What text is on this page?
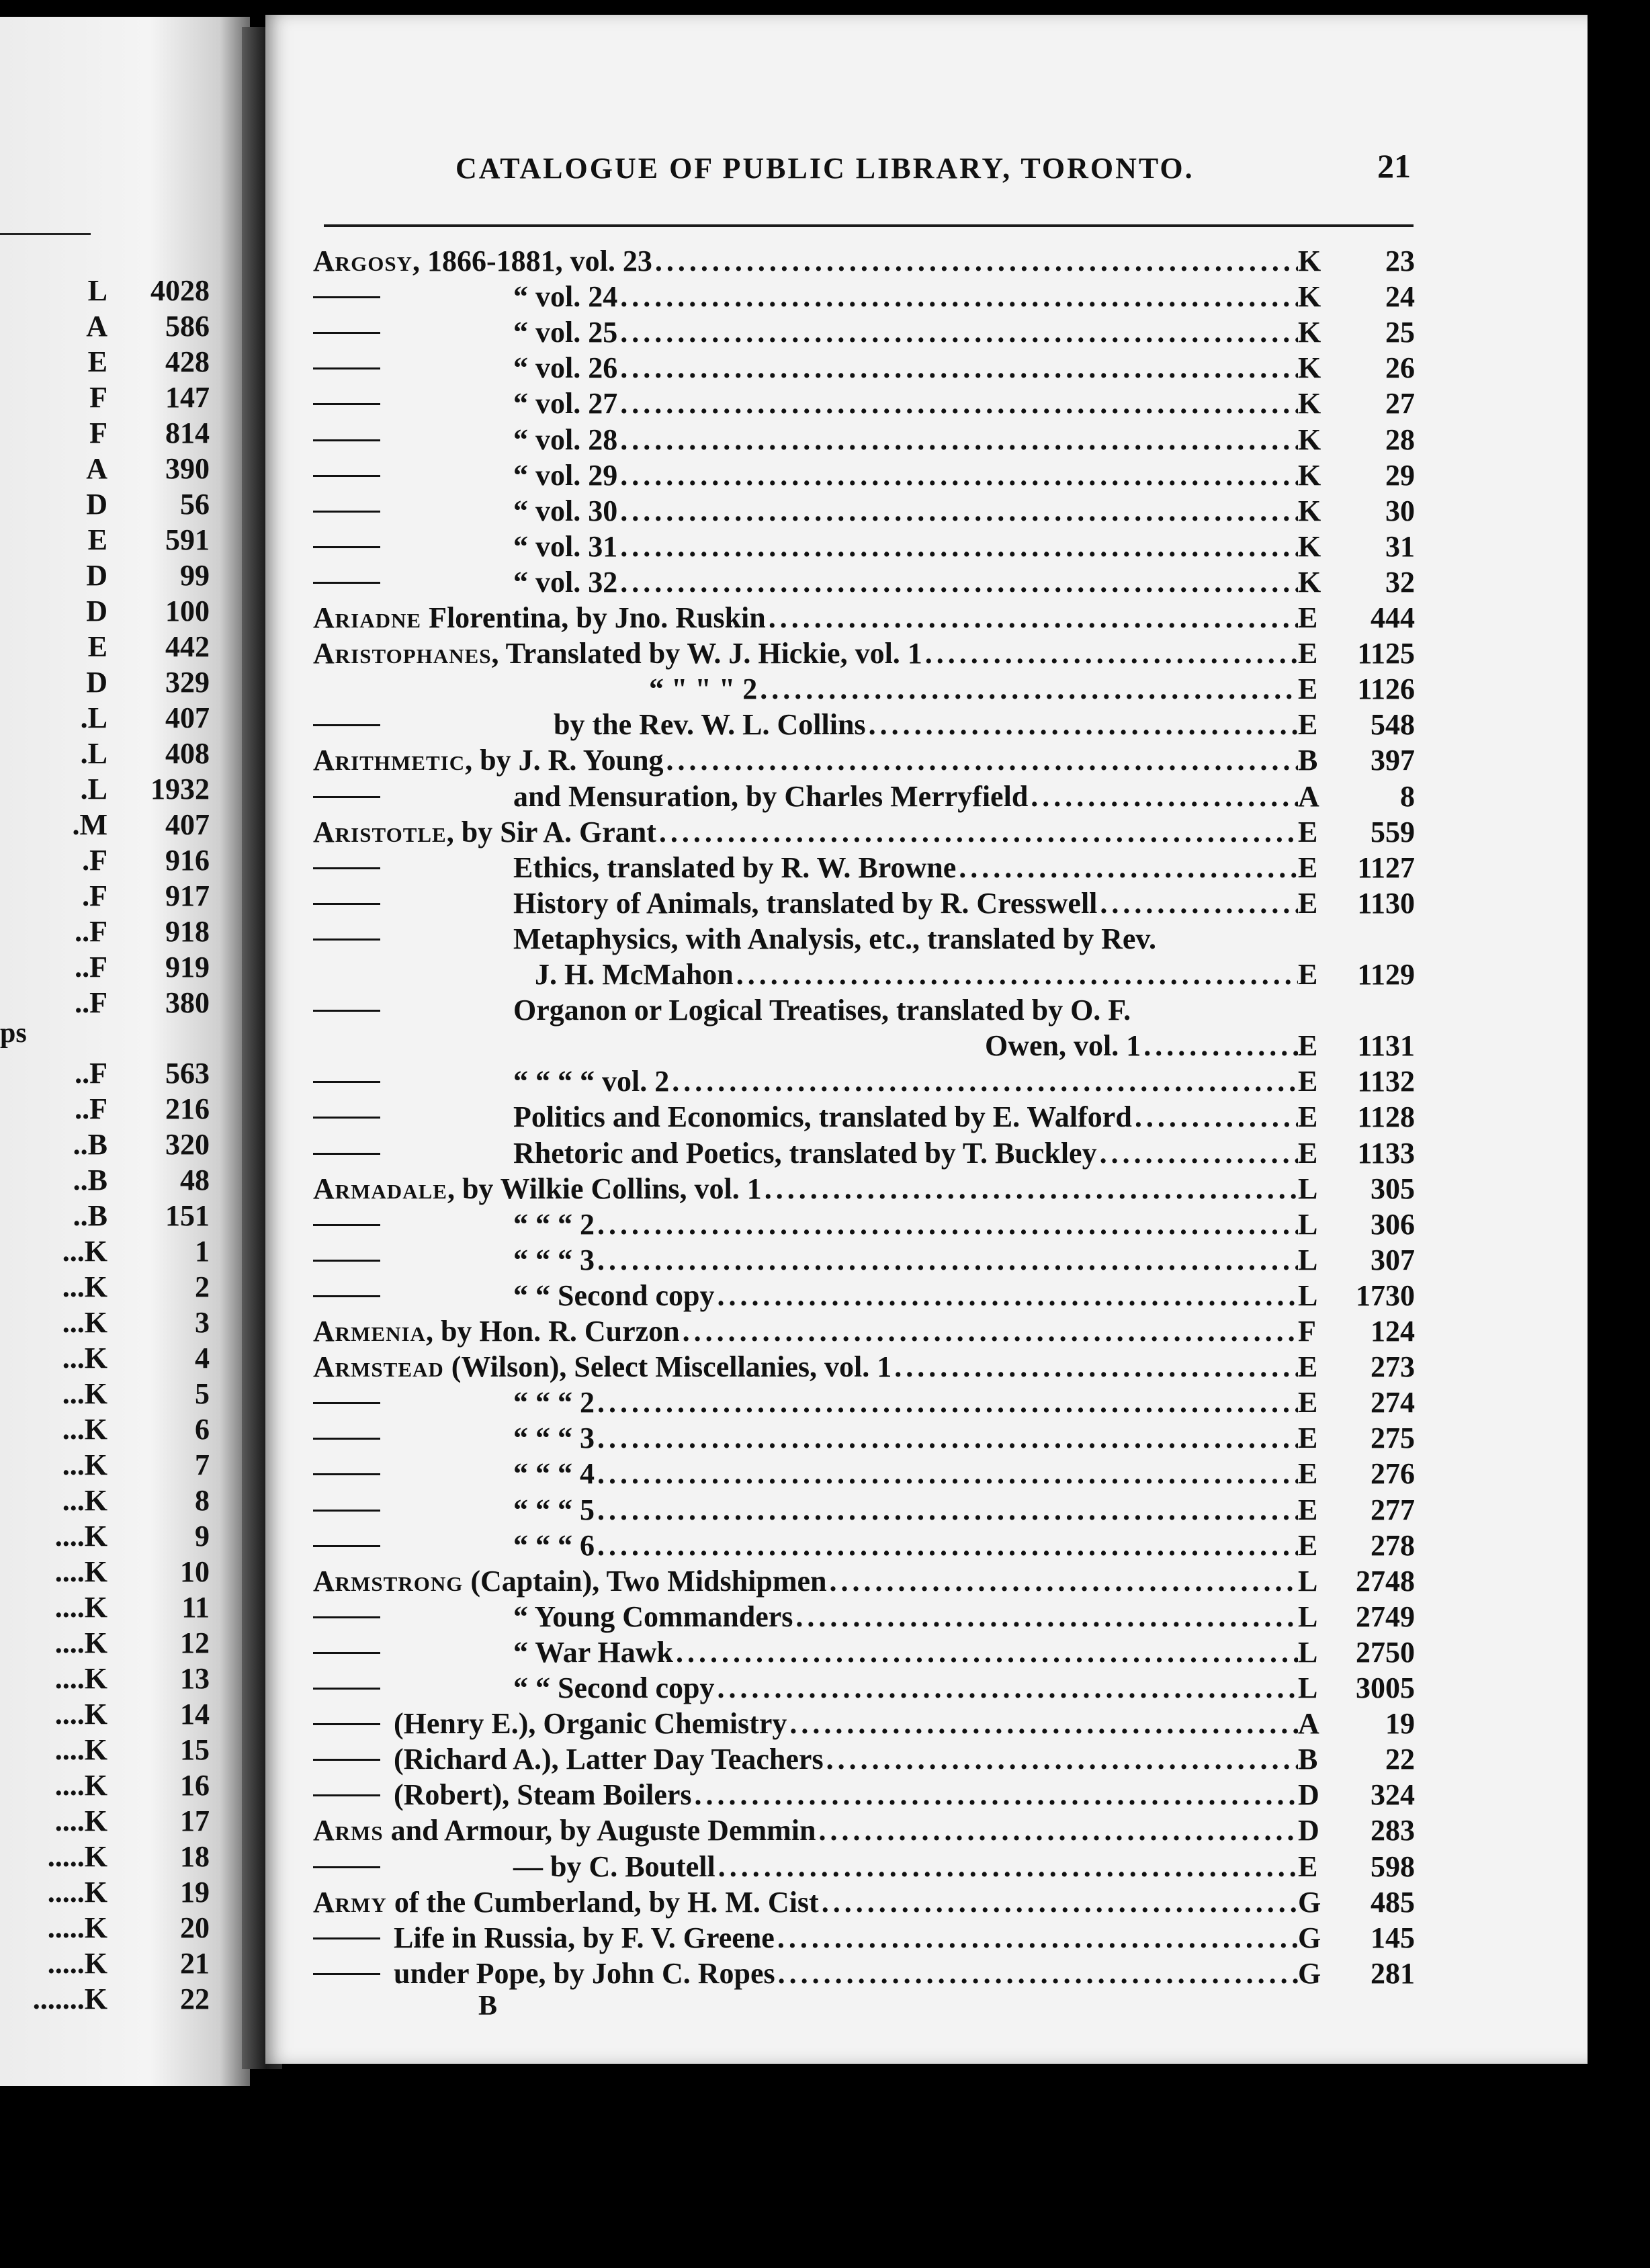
L 4028
A 586
E 428
F 147
F 814
A 390
D 56
E 591
D 99
D 100
E 442
D 329
.L 407
.L 408
.L 1932
.M 407
.F 916
.F 917
..F 918
..F 919
..F 380
..F 563
..F 216
..B 320
..B 48
..B 151
...K	1
...K	2
...K	3
...K	4
...K	5
...K	6
...K	7
...K	8
....K	9
....K 10
....K	11
....K 12
....K 13
....K 14
....K 15
....K 16
....K 17
.....K 18
.....K 19
.....K 20
.....K 21
.......K 22
ps
CATALOGUE OF PUBLIC LIBRARY, TORONTO.	21
Argosy, 1866-1881, vol. 23 .....	K	23
“ vol. 24 .....	K	24
“ vol. 25 .....	K	25
“ vol. 26 .....	K	26
“ vol. 27 .....	K	27
“ vol. 28 .....	K	28
“ vol. 29 .....	K	29
“ vol. 30 .....	K	30
“ vol. 31 .....	K	31
“ vol. 32 .....	K	32
Ariadne Florentina, by Jno. Ruskin .....	E	444
Aristophanes, Translated by W. J. Hickie, vol. 1 .....	E	1125
“ " " " 2 .....	E	1126
by the Rev. W. L. Collins .....	E	548
Arithmetic, by J. R. Young .....	B	397
and Mensuration, by Charles Merryfield .....	A	8
Aristotle, by Sir A. Grant .....	E	559
Ethics, translated by R. W. Browne .....	E	1127
History of Animals, translated by R. Cresswell .....	E	1130
Metaphysics, with Analysis, etc., translated by Rev.
J. H. McMahon .....	E	1129
Organon or Logical Treatises, translated by O. F.
Owen, vol. 1 .....	E	1131
“ “ “ “ vol. 2 .....	E	1132
Politics and Economics, translated by E. Walford .....	E	1128
Rhetoric and Poetics, translated by T. Buckley .....	E	1133
Armadale, by Wilkie Collins, vol. 1 .....	L	305
“ “ “ 2 .....	L	306
“ “ “ 3 .....	L	307
“ “ Second copy .....	L	1730
Armenia, by Hon. R. Curzon .....	F	124
Armstead (Wilson), Select Miscellanies, vol. 1 .....	E	273
“ “ “ 2 .....	E	274
“ “ “ 3 .....	E	275
“ “ “ 4 .....	E	276
“ “ “ 5 .....	E	277
“ “ “ 6 .....	E	278
Armstrong (Captain), Two Midshipmen .....	L	2748
“ Young Commanders .....	L	2749
“ War Hawk .....	L	2750
“ “ Second copy .....	L	3005
(Henry E.), Organic Chemistry .....	A	19
(Richard A.), Latter Day Teachers .....	B	22
(Robert), Steam Boilers .....	D	324
Arms and Armour, by Auguste Demmin .....	D	283
— by C. Boutell .....	E	598
Army of the Cumberland, by H. M. Cist .....	G	485
Life in Russia, by F. V. Greene .....	G	145
under Pope, by John C. Ropes .....	G	281
B
